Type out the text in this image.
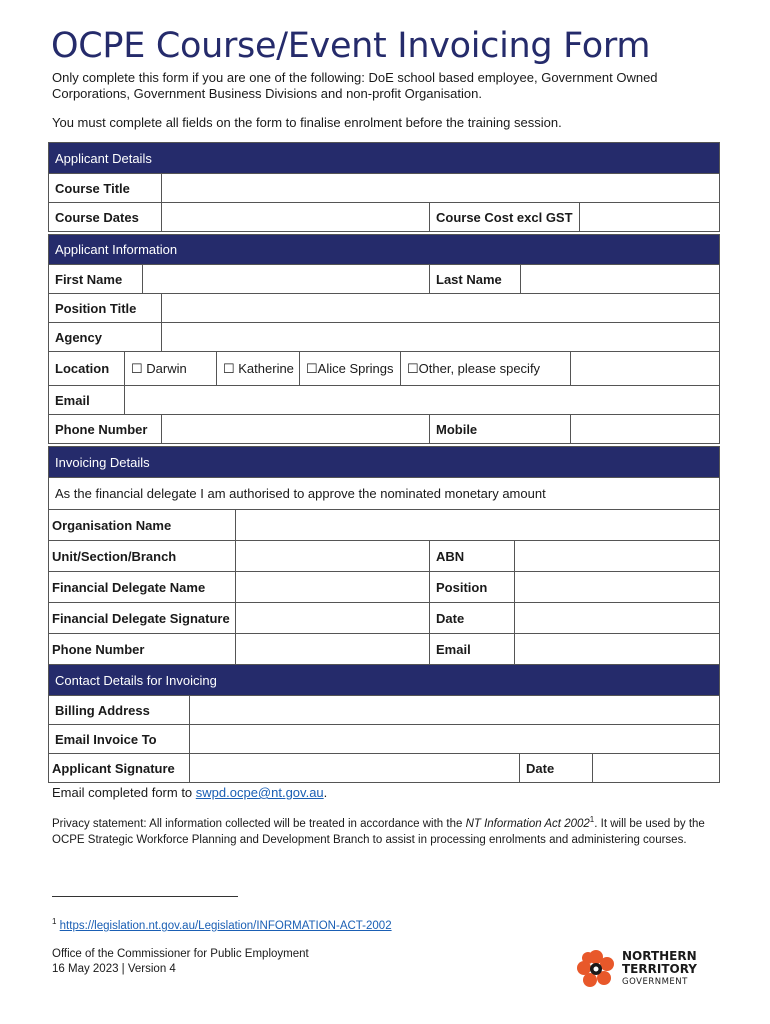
OCPE Course/Event Invoicing Form
Only complete this form if you are one of the following: DoE school based employee, Government Owned Corporations, Government Business Divisions and non-profit Organisation.
You must complete all fields on the form to finalise enrolment before the training session.
Applicant Details			
Course Title			
Course Dates		Course Cost excl GST	
Applicant Information									
First Name							Last Name		
Position Title									
Agency									
Location	☐ Darwin			☐ Katherine	☐Alice Springs	☐Other, please specify			
Email									
Phone Number							Mobile		
Invoicing Details			
As the financial delegate I am authorised to approve the nominated monetary amount			
Organisation Name			
Unit/Section/Branch		ABN	
Financial Delegate Name		Position	
Financial Delegate Signature		Date	
Phone Number		Email	
Contact Details for Invoicing			
Billing Address			
Email Invoice To			
Applicant Signature		Date	
Email completed form to swpd.ocpe@nt.gov.au.
Privacy statement: All information collected will be treated in accordance with the NT Information Act 2002$^1$. It will be used by the OCPE Strategic Workforce Planning and Development Branch to assist in processing enrolments and administering courses.
$^1$ https://legislation.nt.gov.au/Legislation/INFORMATION-ACT-2002
Office of the Commissioner for Public Employment
16 May 2023 | Version 4
NORTHERN
TERRITORY
GOVERNMENT
